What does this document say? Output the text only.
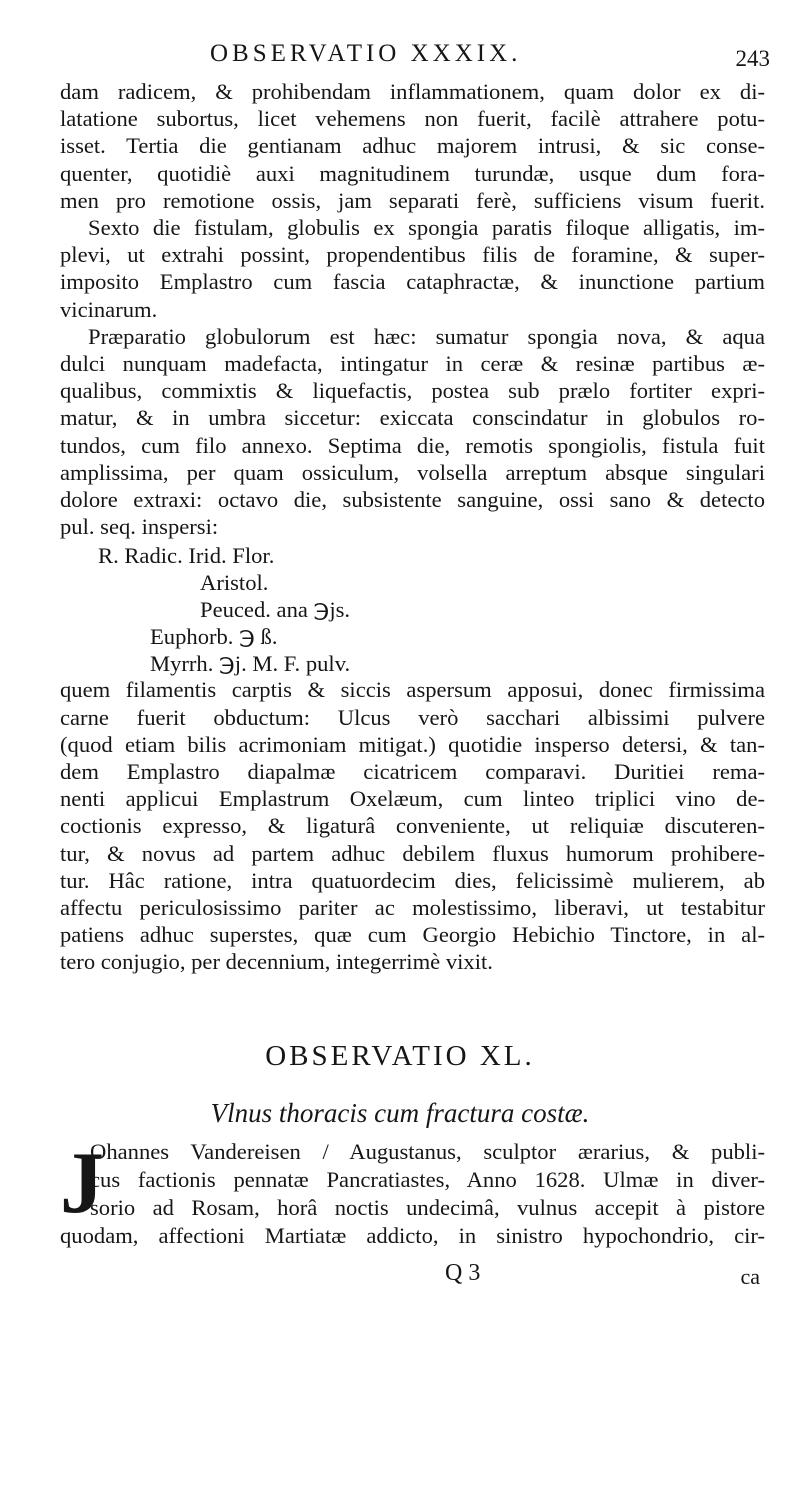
OBSERVATIO XXXIX.	243
dam radicem, & prohibendam inflammationem, quam dolor ex di-
latatione subortus, licet vehemens non fuerit, facilè attrahere potu-
isset. Tertia die gentianam adhuc majorem intrusi, & sic conse-
quenter, quotidiè auxi magnitudinem turundæ, usque dum fora-
men pro remotione ossis, jam separati ferè, sufficiens visum fuerit.
Sexto die fistulam, globulis ex spongia paratis filoque alligatis, im-
plevi, ut extrahi possint, propendentibus filis de foramine, & super-
imposito Emplastro cum fascia cataphractæ, & inunctione partium
vicinarum.
Præparatio globulorum est hæc: sumatur spongia nova, & aqua
dulci nunquam madefacta, intingatur in ceræ & resinæ partibus æ-
qualibus, commixtis & liquefactis, postea sub prælo fortiter expri-
matur, & in umbra siccetur: exiccata conscindatur in globulos ro-
tundos, cum filo annexo. Septima die, remotis spongiolis, fistula fuit
amplissima, per quam ossiculum, volsella arreptum absque singulari
dolore extraxi: octavo die, subsistente sanguine, ossi sano & detecto
pul. seq. inspersi:
R. Radic. Irid. Flor.
Aristol.
Peuced. ana ℈js.
Euphorb. ℈ ß.
Myrrh. ℈j. M. F. pulv.
quem filamentis carptis & siccis aspersum apposui, donec firmissima
carne fuerit obductum: Ulcus verò sacchari albissimi pulvere
(quod etiam bilis acrimoniam mitigat.) quotidie insperso detersi, & tan-
dem Emplastro diapalmæ cicatricem comparavi. Duritiei rema-
nenti applicui Emplastrum Oxelæum, cum linteo triplici vino de-
coctionis expresso, & ligaturâ conveniente, ut reliquiæ discuteren-
tur, & novus ad partem adhuc debilem fluxus humorum prohibere-
tur. Hâc ratione, intra quatuordecim dies, felicissimè mulierem, ab
affectu periculosissimo pariter ac molestissimo, liberavi, ut testabitur
patiens adhuc superstes, quæ cum Georgio Hebichio Tinctore, in al-
tero conjugio, per decennium, integerrimè vixit.
OBSERVATIO XL.
Vlnus thoracis cum fractura costæ.
J
Ohannes Vandereisen / Augustanus, sculptor ærarius, & publi-
cus factionis pennatæ Pancratiastes, Anno 1628. Ulmæ in diver-
sorio ad Rosam, horâ noctis undecimâ, vulnus accepit à pistore
quodam, affectioni Martiatæ addicto, in sinistro hypochondrio, cir-
Q 3	ca
